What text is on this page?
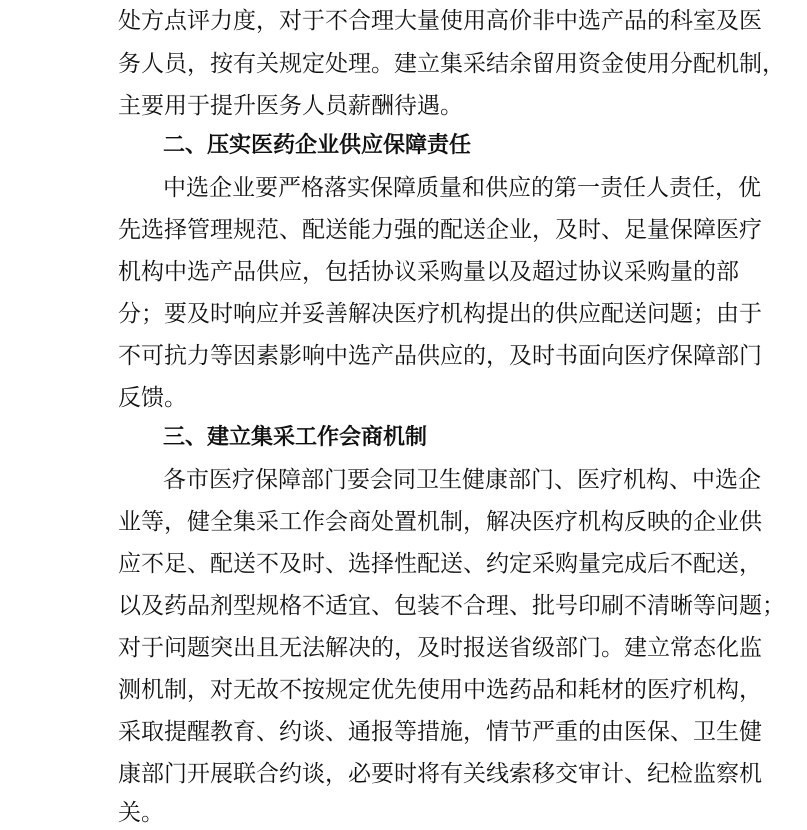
处方点评力度，对于不合理大量使用高价非中选产品的科室及医
务人员，按有关规定处理。建立集采结余留用资金使用分配机制，
主要用于提升医务人员薪酬待遇。
二、压实医药企业供应保障责任
中选企业要严格落实保障质量和供应的第一责任人责任，优
先选择管理规范、配送能力强的配送企业，及时、足量保障医疗
机构中选产品供应，包括协议采购量以及超过协议采购量的部
分；要及时响应并妥善解决医疗机构提出的供应配送问题；由于
不可抗力等因素影响中选产品供应的，及时书面向医疗保障部门
反馈。
三、建立集采工作会商机制
各市医疗保障部门要会同卫生健康部门、医疗机构、中选企
业等，健全集采工作会商处置机制，解决医疗机构反映的企业供
应不足、配送不及时、选择性配送、约定采购量完成后不配送，
以及药品剂型规格不适宜、包装不合理、批号印刷不清晰等问题；
对于问题突出且无法解决的，及时报送省级部门。建立常态化监
测机制，对无故不按规定优先使用中选药品和耗材的医疗机构，
采取提醒教育、约谈、通报等措施，情节严重的由医保、卫生健
康部门开展联合约谈，必要时将有关线索移交审计、纪检监察机
关。
